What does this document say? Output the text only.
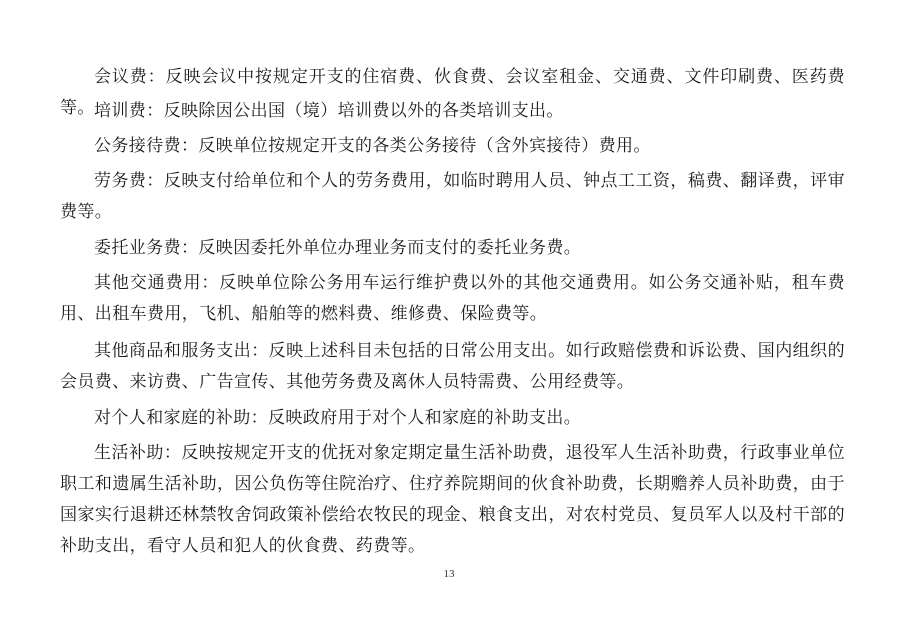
会议费：反映会议中按规定开支的住宿费、伙食费、会议室租金、交通费、文件印刷费、医药费等。 培训费：反映除因公出国（境）培训费以外的各类培训支出。

公务接待费：反映单位按规定开支的各类公务接待（含外宾接待）费用。

劳务费：反映支付给单位和个人的劳务费用，如临时聘用人员、钟点工工资，稿费、翻译费，评审费等。

委托业务费：反映因委托外单位办理业务而支付的委托业务费。

其他交通费用：反映单位除公务用车运行维护费以外的其他交通费用。如公务交通补贴，租车费用、出租车费用，飞机、船舶等的燃料费、维修费、保险费等。

其他商品和服务支出：反映上述科目未包括的日常公用支出。如行政赔偿费和诉讼费、国内组织的会员费、来访费、广告宣传、其他劳务费及离休人员特需费、公用经费等。

对个人和家庭的补助：反映政府用于对个人和家庭的补助支出。

生活补助：反映按规定开支的优抚对象定期定量生活补助费，退役军人生活补助费，行政事业单位职工和遗属生活补助，因公负伤等住院治疗、住疗养院期间的伙食补助费，长期赡养人员补助费，由于国家实行退耕还林禁牧舍饲政策补偿给农牧民的现金、粮食支出，对农村党员、复员军人以及村干部的补助支出，看守人员和犯人的伙食费、药费等。

13
